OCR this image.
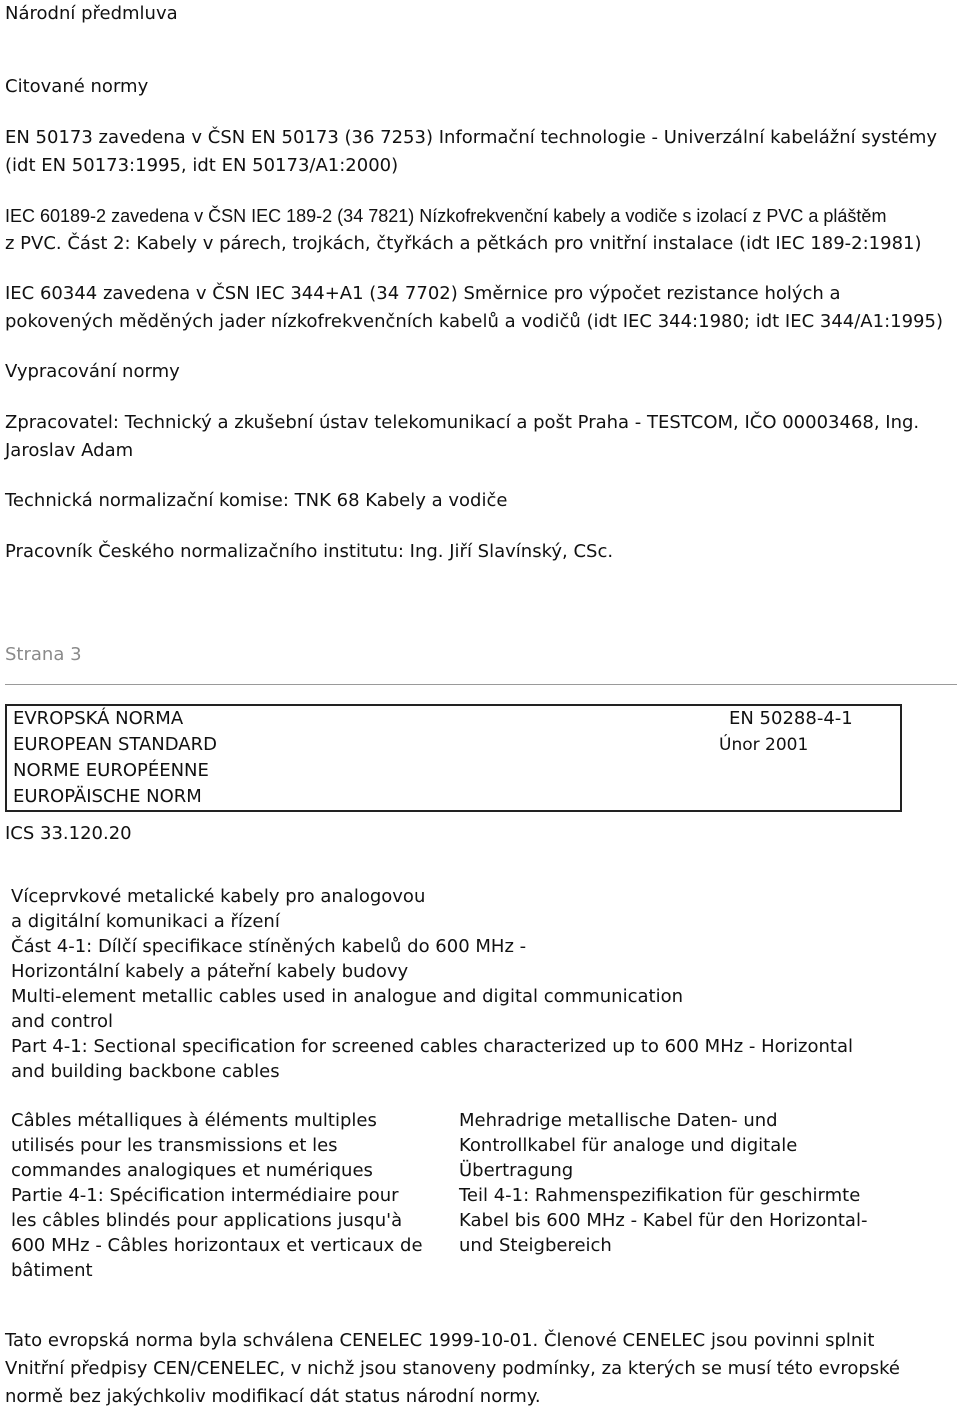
Národní předmluva
Citované normy
EN 50173 zavedena v ČSN EN 50173 (36 7253) Informační technologie - Univerzální kabelážní systémy
(idt EN 50173:1995, idt EN 50173/A1:2000)
IEC 60189-2 zavedena v ČSN IEC 189-2 (34 7821) Nízkofrekvenční kabely a vodiče s izolací z PVC a pláštěm
z PVC. Část 2: Kabely v párech, trojkách, čtyřkách a pětkách pro vnitřní instalace (idt IEC 189-2:1981)
IEC 60344 zavedena v ČSN IEC 344+A1 (34 7702) Směrnice pro výpočet rezistance holých a
pokovených měděných jader nízkofrekvenčních kabelů a vodičů (idt IEC 344:1980; idt IEC 344/A1:1995)
Vypracování normy
Zpracovatel: Technický a zkušební ústav telekomunikací a pošt Praha - TESTCOM, IČO 00003468, Ing.
Jaroslav Adam
Technická normalizační komise: TNK 68 Kabely a vodiče
Pracovník Českého normalizačního institutu: Ing. Jiří Slavínský, CSc.
Strana 3
EVROPSKÁ NORMA
EUROPEAN STANDARD
NORME EUROPÉENNE
EUROPÄISCHE NORM
EN 50288-4-1
Únor 2001
ICS 33.120.20
Víceprvkové metalické kabely pro analogovou
a digitální komunikaci a řízení
Část 4-1: Dílčí specifikace stíněných kabelů do 600 MHz -
Horizontální kabely a páteřní kabely budovy
Multi-element metallic cables used in analogue and digital communication
and control
Part 4-1: Sectional specification for screened cables characterized up to 600 MHz - Horizontal
and building backbone cables
Câbles métalliques à éléments multiples
utilisés pour les transmissions et les
commandes analogiques et numériques
Partie 4-1: Spécification intermédiaire pour
les câbles blindés pour applications jusqu'à
600 MHz - Câbles horizontaux et verticaux de
bâtiment
Mehradrige metallische Daten- und
Kontrollkabel für analoge und digitale
Übertragung
Teil 4-1: Rahmenspezifikation für geschirmte
Kabel bis 600 MHz - Kabel für den Horizontal-
und Steigbereich
Tato evropská norma byla schválena CENELEC 1999-10-01. Členové CENELEC jsou povinni splnit
Vnitřní předpisy CEN/CENELEC, v nichž jsou stanoveny podmínky, za kterých se musí této evropské
normě bez jakýchkoliv modifikací dát status národní normy.
